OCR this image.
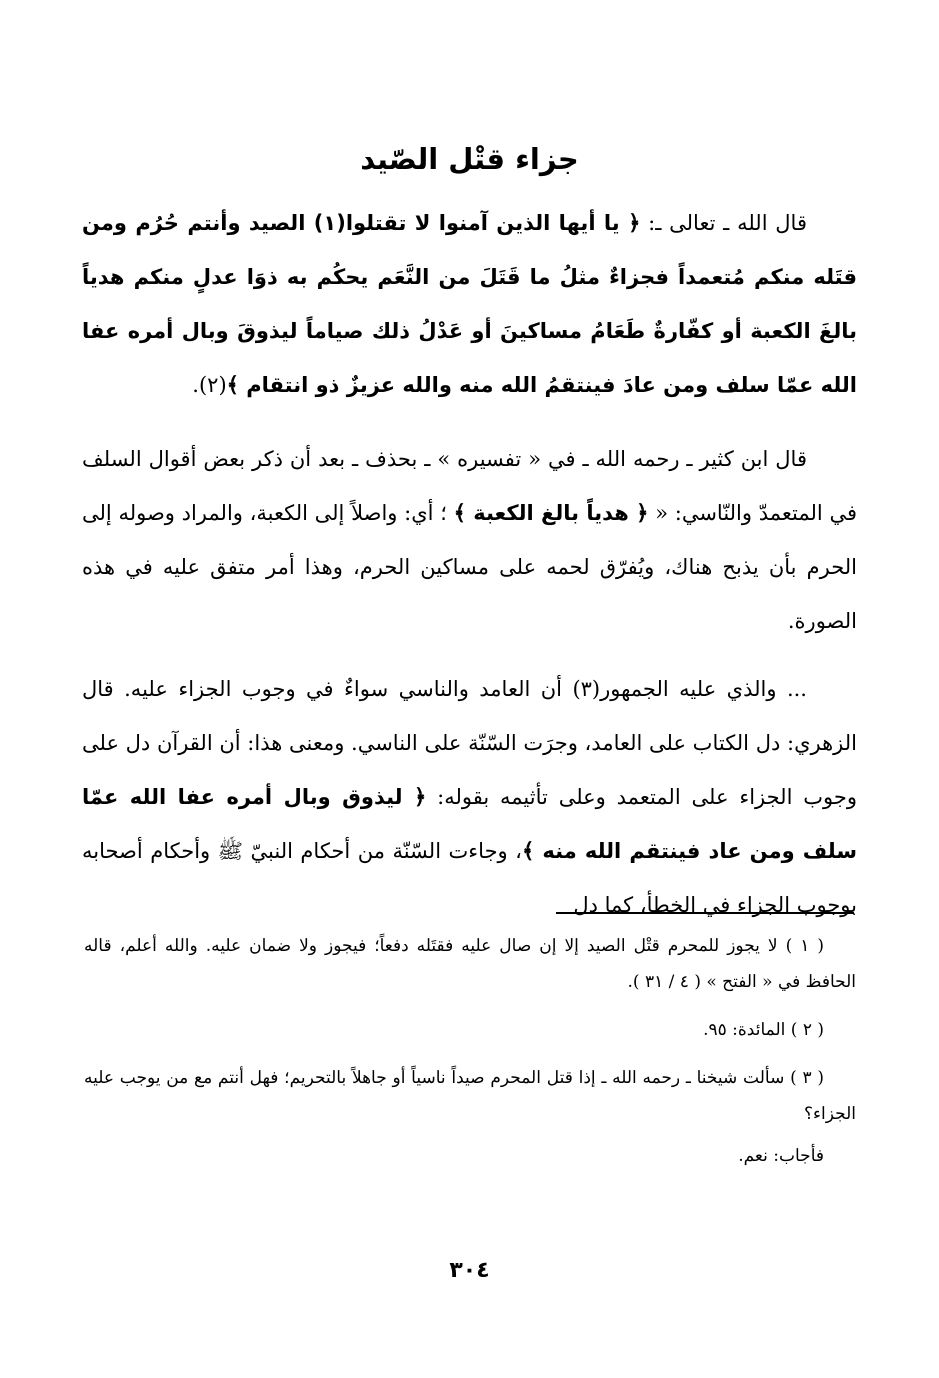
جزاء قتْل الصّيد

قال الله ـ تعالى ـ: ﴿ يا أيها الذين آمنوا لا تقتلوا(١) الصيد وأنتم حُرُم ومن قتَله منكم مُتعمداً فجزاءٌ مثلُ ما قَتَلَ من النَّعَم يحكُم به ذوَا عدلٍ منكم هدياً بالغَ الكعبة أو كفّارةٌ طَعَامُ مساكينَ أو عَدْلُ ذلك صياماً ليذوقَ وبال أمره عفا الله عمّا سلف ومن عادَ فينتقمُ الله منه والله عزيزٌ ذو انتقام ﴾(٢).

قال ابن كثير ـ رحمه الله ـ في « تفسيره » ـ بحذف ـ بعد أن ذكر بعض أقوال السلف في المتعمدّ والنّاسي: « ﴿ هدياً بالغ الكعبة ﴾ ؛ أي: واصلاً إلى الكعبة، والمراد وصوله إلى الحرم بأن يذبح هناك، ويُفرّق لحمه على مساكين الحرم، وهذا أمر متفق عليه في هذه الصورة.

... والذي عليه الجمهور(٣) أن العامد والناسي سواءٌ في وجوب الجزاء عليه. قال الزهري: دل الكتاب على العامد، وجرَت السّنّة على الناسي. ومعنى هذا: أن القرآن دل على وجوب الجزاء على المتعمد وعلى تأثيمه بقوله: ﴿ ليذوق وبال أمره عفا الله عمّا سلف ومن عاد فينتقم الله منه ﴾، وجاءت السّنّة من أحكام النبيّ ﷺ وأحكام أصحابه بوجوب الجزاء في الخطأ، كما دل

( ١ ) لا يجوز للمحرم قتْل الصيد إلا إن صال عليه فقتَله دفعاً؛ فيجوز ولا ضمان عليه. والله أعلم، قاله الحافظ في « الفتح » ( ٤ / ٣١ ).

( ٢ ) المائدة: ٩٥.

( ٣ ) سألت شيخنا ـ رحمه الله ـ إذا قتل المحرم صيداً ناسياً أو جاهلاً بالتحريم؛ فهل أنتم مع من يوجب عليه الجزاء؟

فأجاب: نعم.

٣٠٤
